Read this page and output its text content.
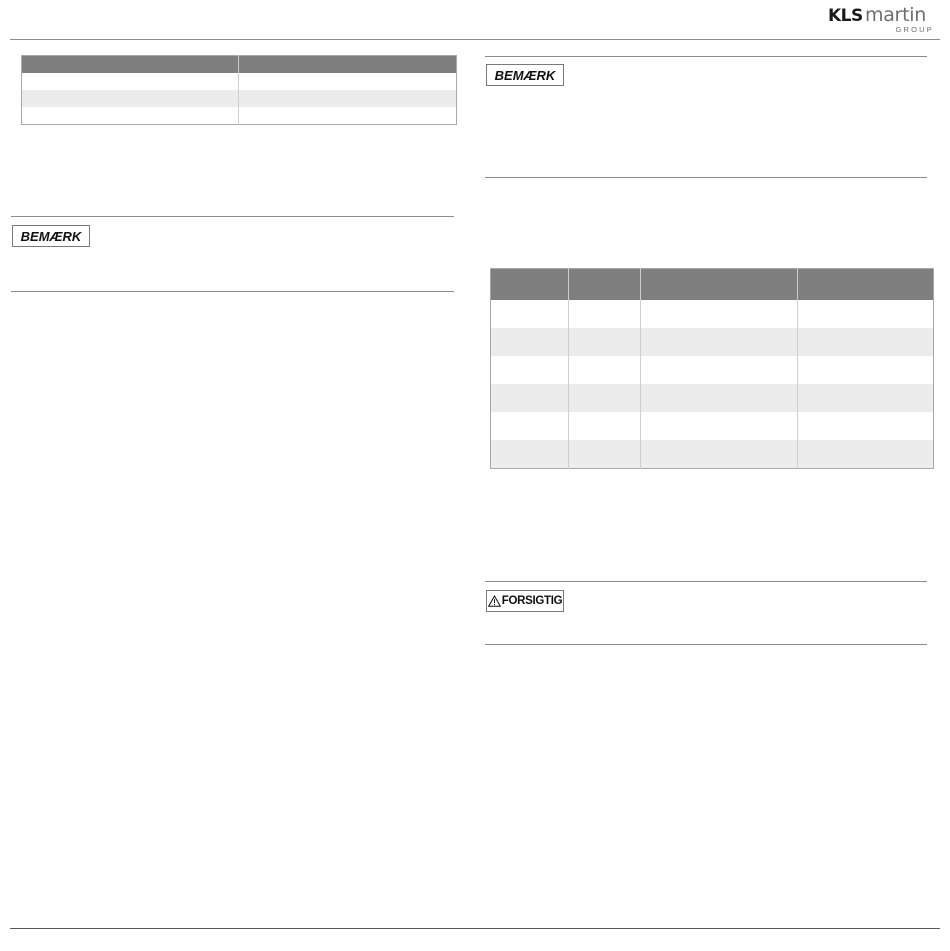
KLS martin
GROUP

BEMÆRK
BEMÆRK

FORSIGTIG
